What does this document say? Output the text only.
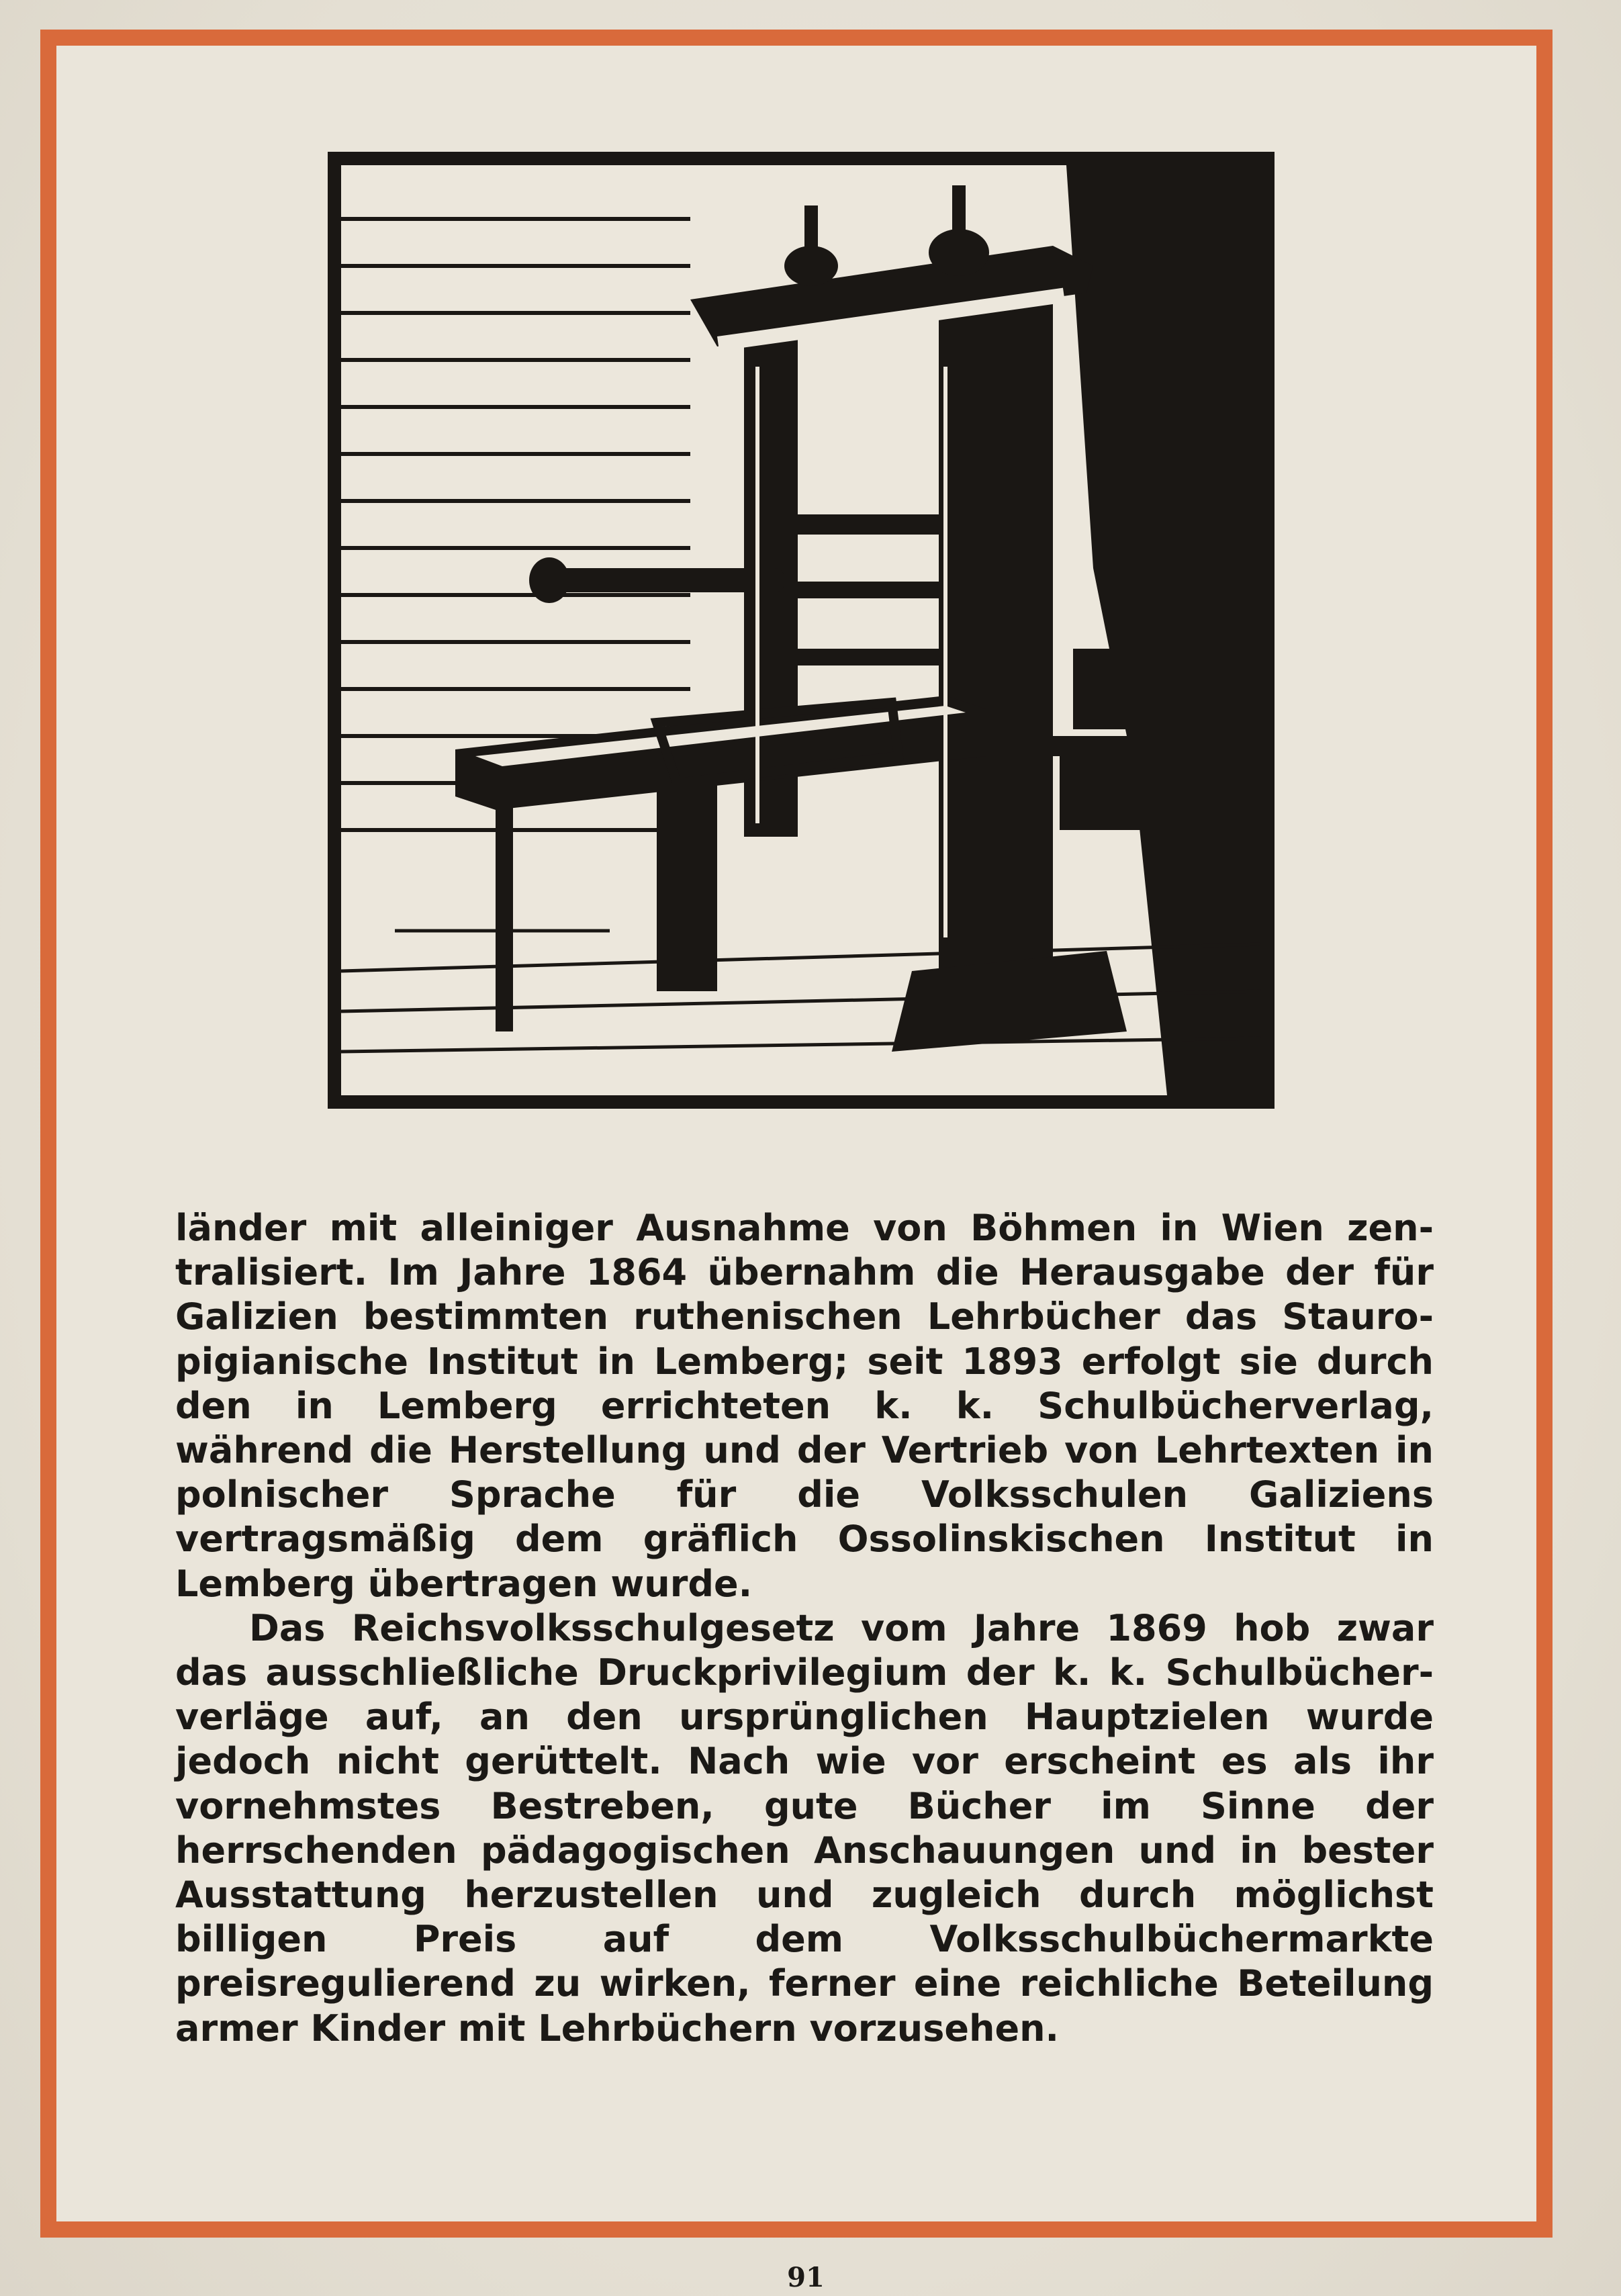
länder mit alleiniger Ausnahme von Böhmen in Wien zentralisiert. Im Jahre 1864 übernahm die Herausgabe der für Galizien bestimmten ruthenischen Lehrbücher das Stauropigianische Institut in Lemberg; seit 1893 erfolgt sie durch den in Lemberg errichteten k. k. Schulbücherverlag, während die Herstellung und der Vertrieb von Lehrtexten in polnischer Sprache für die Volksschulen Galiziens vertragsmäßig dem gräflich Ossolinskischen Institut in Lemberg übertragen wurde.

Das Reichsvolksschulgesetz vom Jahre 1869 hob zwar das ausschließliche Druckprivilegium der k. k. Schulbücherverläge auf, an den ursprünglichen Hauptzielen wurde jedoch nicht gerüttelt. Nach wie vor erscheint es als ihr vornehmstes Bestreben, gute Bücher im Sinne der herrschenden pädagogischen Anschauungen und in bester Ausstattung herzustellen und zugleich durch möglichst billigen Preis auf dem Volksschulbüchermarkte preisregulierend zu wirken, ferner eine reichliche Beteilung armer Kinder mit Lehrbüchern vorzusehen.

91
